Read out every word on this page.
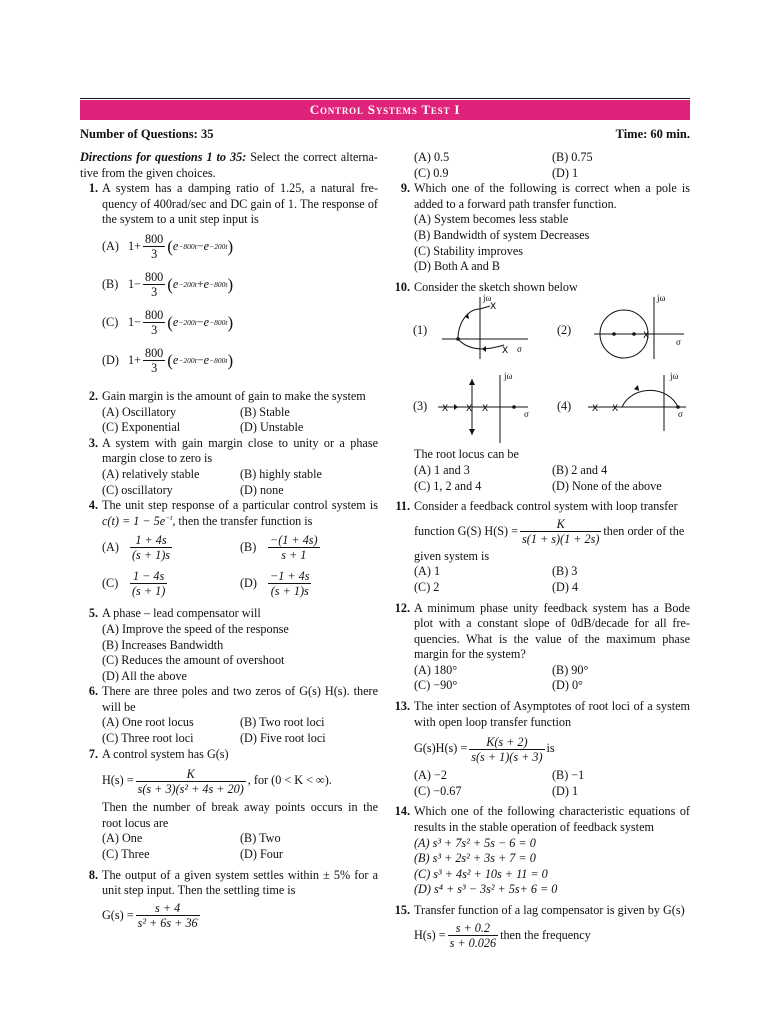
Control Systems Test I
Number of Questions: 35	Time: 60 min.
Directions for questions 1 to 35: Select the correct alterna-tive from the given choices.
1. A system has a damping ratio of 1.25, a natural fre-quency of 400rad/sec and DC gain of 1. The response of the system to a unit step input is
(A) $1+ \frac{800}{3}$ ( e −800t − e −200t )
(B) $1- \frac{800}{3}$ ( e −200t + e −800t )
(C) $1- \frac{800}{3}$ ( e −200t − e −800t )
(D) $1+ \frac{800}{3}$ ( e −200t − e −800t )
2. Gain margin is the amount of gain to make the system
(A) Oscillatory	(B) Stable
(C) Exponential	(D) Unstable
3. A system with gain margin close to unity or a phase margin close to zero is
(A) relatively stable	(B) highly stable
(C) oscillatory	(D) none
4. The unit step response of a particular control system is $c(t) = 1 - 5e^{-t}$, then the transfer function is
$(A) \frac{1 + 4s}{(s + 1)s}$	$(B) \frac{-(1 + 4s)}{s + 1}$
$(C) \frac{1 - 4s}{(s + 1)}$	$(D) \frac{-1 + 4s}{(s + 1)s}$
5. A phase – lead compensator will
(A) Improve the speed of the response
(B) Increases Bandwidth
(C) Reduces the amount of overshoot
(D) All the above
6. There are three poles and two zeros of G(s) H(s). there will be
(A) One root locus	(B) Two root loci
(C) Three root loci	(D) Five root loci
7. A control system has G(s)
$H(s) = \frac{K}{\text{s(s + 3)(s² + 4s + 20)}}$ , for (0 < K < ∞).
Then the number of break away points occurs in the root locus are
(A) One	(B) Two
(C) Three	(D) Four
8. The output of a given system settles within ± 5% for a unit step input. Then the settling time is
$G(s) = \frac{s + 4}{\text{s² + 6s + 36}}$
(A) 0.5	(B) 0.75
(C) 0.9	(D) 1
9. Which one of the following is correct when a pole is added to a forward path transfer function.
(A) System becomes less stable
(B) Bandwidth of system Decreases
(C) Stability improves
(D) Both A and B
10. Consider the sketch shown below
(1)
X
X
jω
σ
(2)	X
jω
σ
(3) X X X
jω
σ
(4) X X
jω
σ
The root locus can be
(A) 1 and 3	(B) 2 and 4
(C) 1, 2 and 4	(D) None of the above
11. Consider a feedback control system with loop transfer
function G(S) $H(S) = \frac{K}{s(1 + s)(1 + 2s)}$ then order of the
given system is
(A) 1	(B) 3
(C) 2	(D) 4
12. A minimum phase unity feedback system has a Bode plot with a constant slope of 0dB/decade for all fre-quencies. What is the value of the maximum phase margin for the system?
(A) 180°	(B) 90°
(C) −90°	(D) 0°
13. The inter section of Asymptotes of root loci of a system with open loop transfer function
$G(s)H(s) = \frac{K(s + 2)}{s(s + 1)(s + 3)}$ is
(A) −2	(B) −1
(C) −0.67	(D) 1
14. Which one of the following characteristic equations of results in the stable operation of feedback system
(A) s³ + 7s² + 5s − 6 = 0
(B) s³ + 2s² + 3s + 7 = 0
(C) s³ + 4s² + 10s + 11 = 0
(D) s⁴ + s³ − 3s² + 5s+ 6 = 0
15. Transfer function of a lag compensator is given by G(s)
$H(s) = \frac{s + 0.2}{s + 0.026}$ then the frequency
